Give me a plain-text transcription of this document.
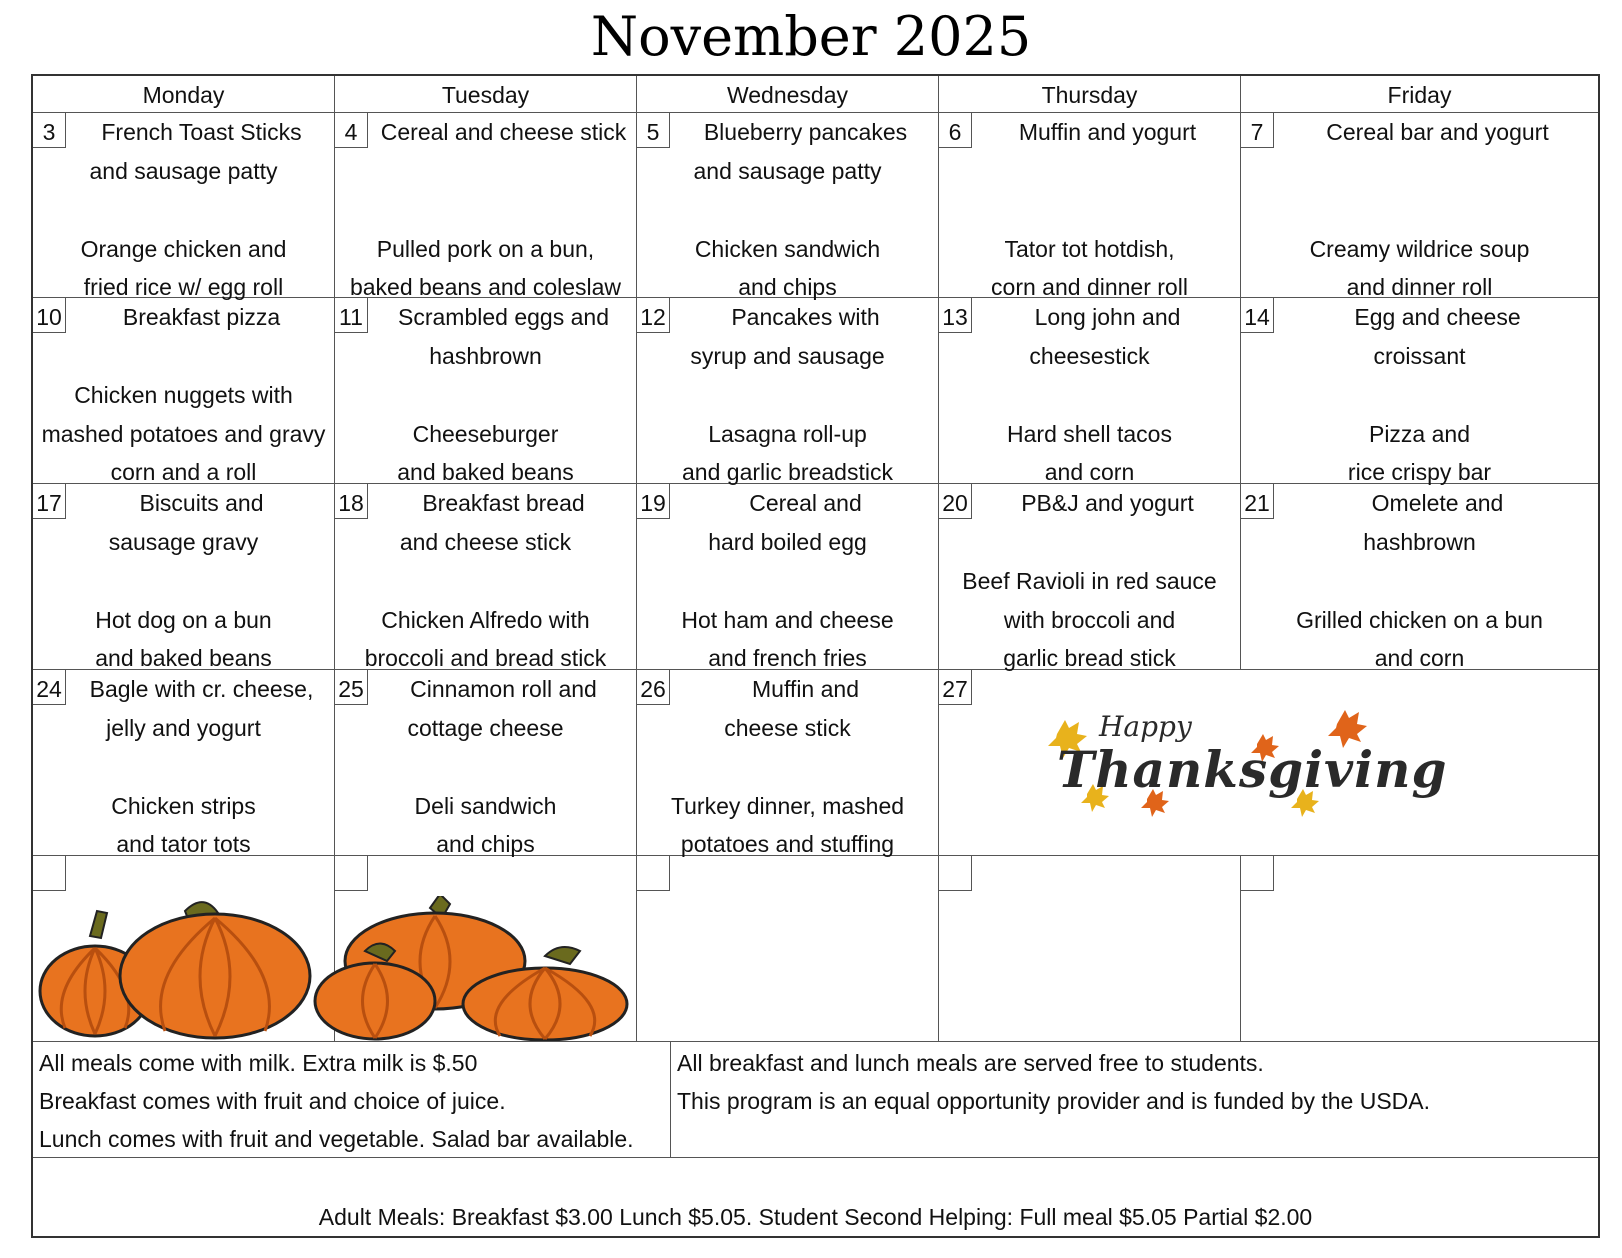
November 2025
Monday	Tuesday	Wednesday	Thursday	Friday
3	French Toast Sticks
and sausage patty
Orange chicken and
fried rice w/ egg roll
4	Cereal and cheese stick
Pulled pork on a bun,
baked beans and coleslaw
5	Blueberry pancakes
and sausage patty
Chicken sandwich
and chips
6	Muffin and yogurt
Tator tot hotdish,
corn and dinner roll
7	Cereal bar and yogurt
Creamy wildrice soup
and dinner roll
10	Breakfast pizza
Chicken nuggets with
mashed potatoes and gravy
corn and a roll
11	Scrambled eggs and
hashbrown
Cheeseburger
and baked beans
12	Pancakes with
syrup and sausage
Lasagna roll-up
and garlic breadstick
13	Long john and
cheesestick
Hard shell tacos
and corn
14	Egg and cheese
croissant
Pizza and
rice crispy bar
17	Biscuits and
sausage gravy
Hot dog on a bun
and baked beans
18	Breakfast bread
and cheese stick
Chicken Alfredo with
broccoli and bread stick
19	Cereal and
hard boiled egg
Hot ham and cheese
and french fries
20	PB&J and yogurt
Beef Ravioli in red sauce
with broccoli and
garlic bread stick
21	Omelete and
hashbrown
Grilled chicken on a bun
and corn
24	Bagle with cr. cheese,
jelly and yogurt
Chicken strips
and tator tots
25	Cinnamon roll and
cottage cheese
Deli sandwich
and chips
26	Muffin and
cheese stick
Turkey dinner, mashed
potatoes and stuffing
27
Happy
Thanksgiving
All meals come with milk. Extra milk is $.50
Breakfast comes with fruit and choice of juice.
Lunch comes with fruit and vegetable. Salad bar available.
All breakfast and lunch meals are served free to students.
This program is an equal opportunity provider and is funded by the USDA.
Adult Meals: Breakfast $3.00 Lunch $5.05. Student Second Helping: Full meal $5.05 Partial $2.00
